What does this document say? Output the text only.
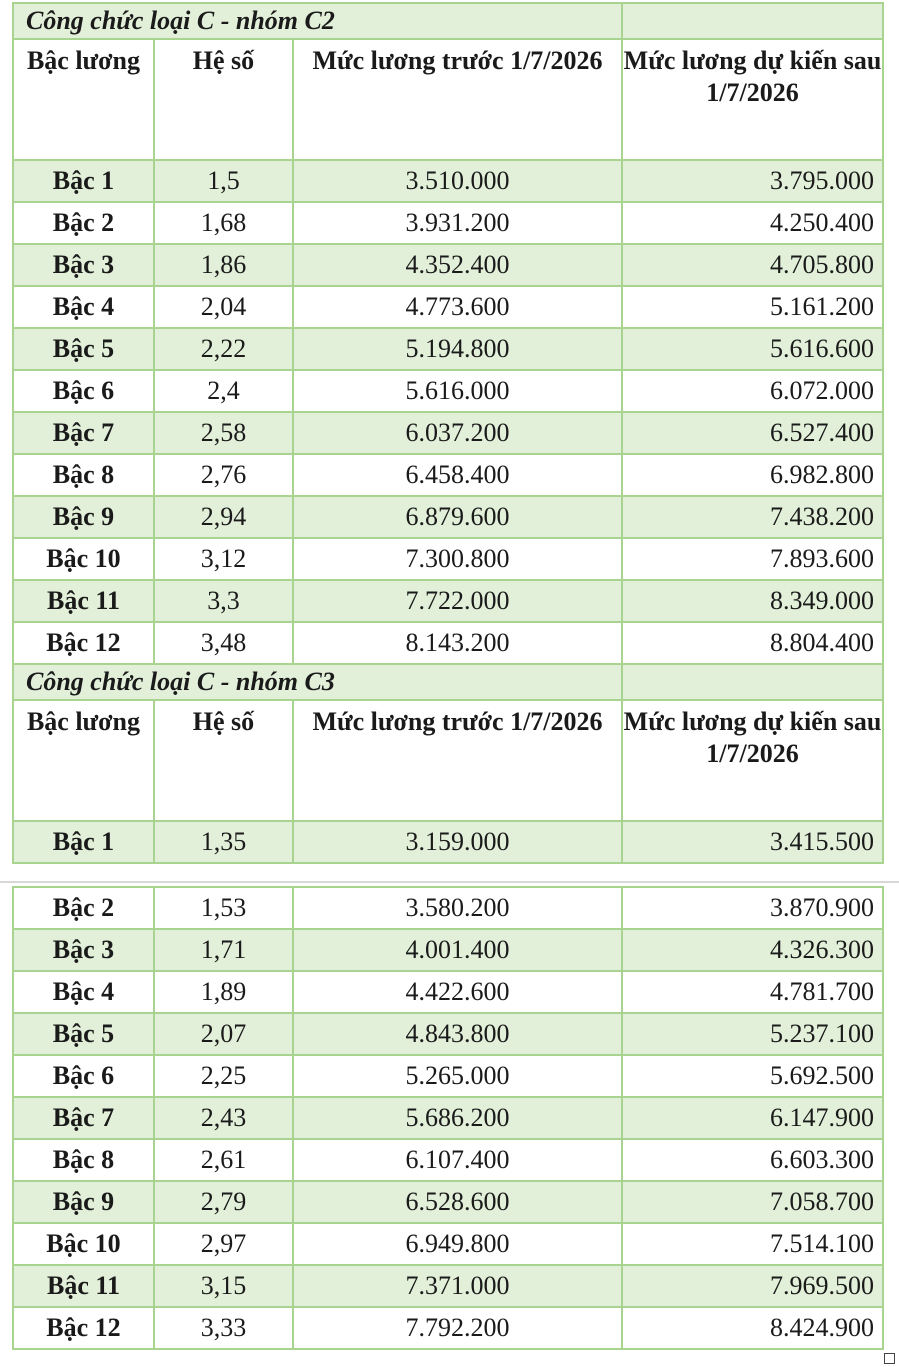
Công chức loại C - nhóm C2			
Bậc lương	Hệ số	Mức lương trước 1/7/2026	Mức lương dự kiến sau 1/7/2026
Bậc 1	1,5	3.510.000	3.795.000
Bậc 2	1,68	3.931.200	4.250.400
Bậc 3	1,86	4.352.400	4.705.800
Bậc 4	2,04	4.773.600	5.161.200
Bậc 5	2,22	5.194.800	5.616.600
Bậc 6	2,4	5.616.000	6.072.000
Bậc 7	2,58	6.037.200	6.527.400
Bậc 8	2,76	6.458.400	6.982.800
Bậc 9	2,94	6.879.600	7.438.200
Bậc 10	3,12	7.300.800	7.893.600
Bậc 11	3,3	7.722.000	8.349.000
Bậc 12	3,48	8.143.200	8.804.400
Công chức loại C - nhóm C3			
Bậc lương	Hệ số	Mức lương trước 1/7/2026	Mức lương dự kiến sau 1/7/2026
Bậc 1	1,35	3.159.000	3.415.500
Bậc 2	1,53	3.580.200	3.870.900
Bậc 3	1,71	4.001.400	4.326.300
Bậc 4	1,89	4.422.600	4.781.700
Bậc 5	2,07	4.843.800	5.237.100
Bậc 6	2,25	5.265.000	5.692.500
Bậc 7	2,43	5.686.200	6.147.900
Bậc 8	2,61	6.107.400	6.603.300
Bậc 9	2,79	6.528.600	7.058.700
Bậc 10	2,97	6.949.800	7.514.100
Bậc 11	3,15	7.371.000	7.969.500
Bậc 12	3,33	7.792.200	8.424.900
